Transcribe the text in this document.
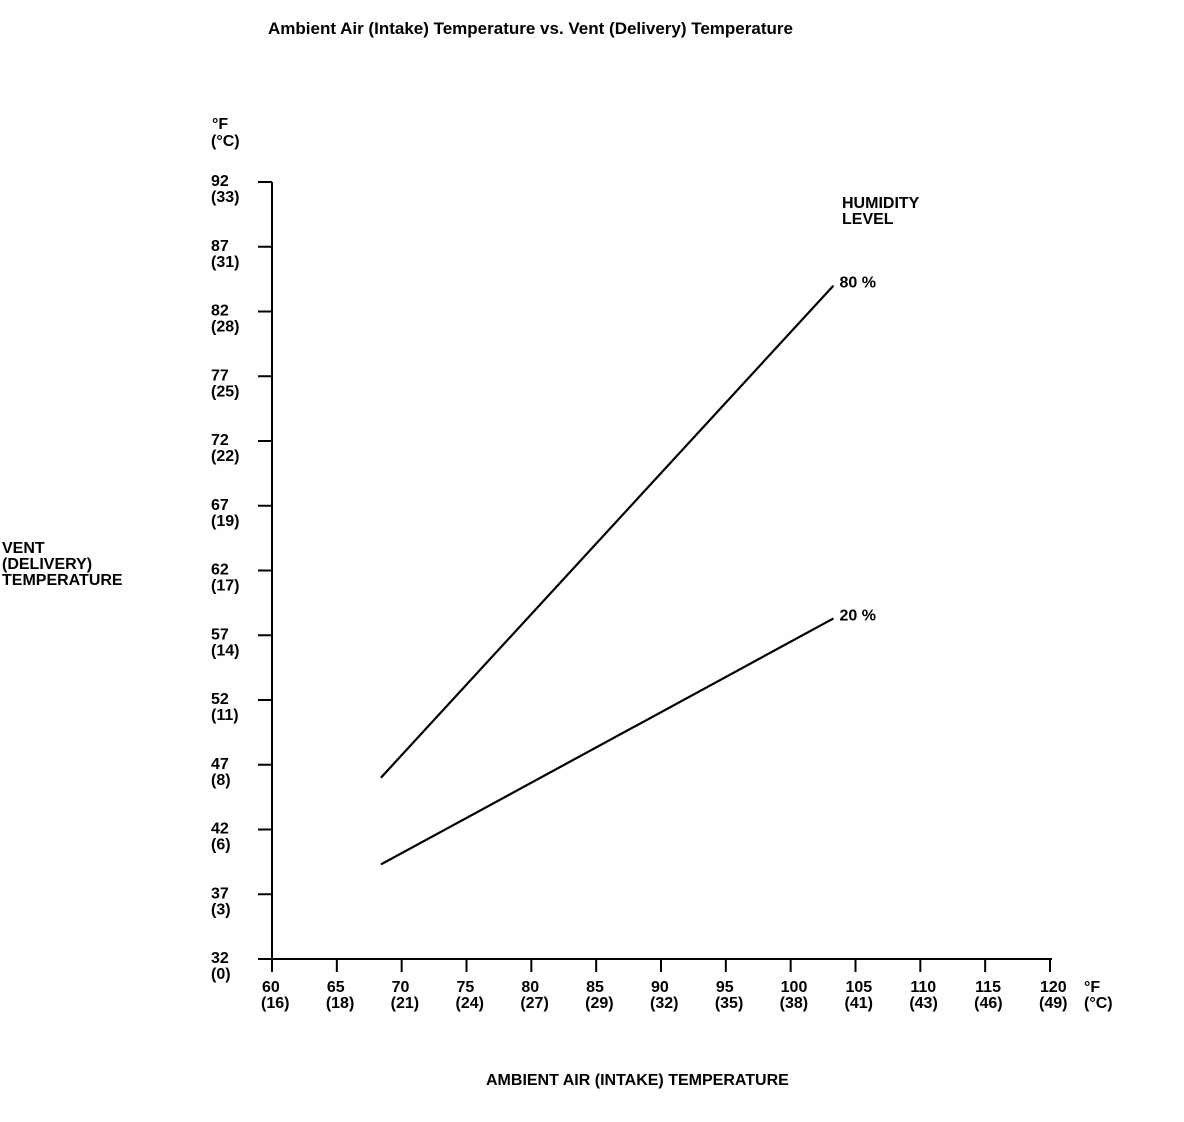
Ambient Air (Intake) Temperature vs. Vent (Delivery) Temperature
°F
(°C)
VENT
(DELIVERY)
TEMPERATURE
32
(0)
37
(3)
42
(6)
47
(8)
52
(11)
57
(14)
62
(17)
67
(19)
72
(22)
77
(25)
82
(28)
87
(31)
92
(33)
60
(16)
65
(18)
70
(21)
75
(24)
80
(27)
85
(29)
90
(32)
95
(35)
100
(38)
105
(41)
110
(43)
115
(46)
120
(49)
°F
(°C)
AMBIENT AIR (INTAKE) TEMPERATURE
HUMIDITY
LEVEL
80 %
20 %
